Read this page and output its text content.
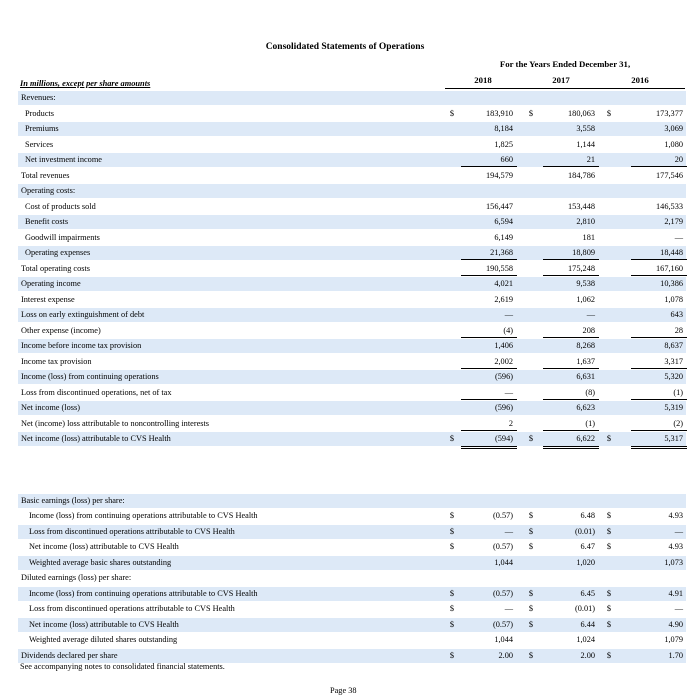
Consolidated Statements of Operations
For the Years Ended December 31,
2018	2017	2016
In millions, except per share amounts
Revenues:
Products	$	183,910 $	180,063 $	173,377
Premiums	8,184	3,558	3,069
Services	1,825	1,144	1,080
Net investment income	660	21	20
Total revenues	194,579	184,786	177,546
Operating costs:
Cost of products sold	156,447	153,448	146,533
Benefit costs	6,594	2,810	2,179
Goodwill impairments	6,149	181	—
Operating expenses	21,368	18,809	18,448
Total operating costs	190,558	175,248	167,160
Operating income	4,021	9,538	10,386
Interest expense	2,619	1,062	1,078
Loss on early extinguishment of debt	—	—	643
Other expense (income)	(4)	208	28
Income before income tax provision	1,406	8,268	8,637
Income tax provision	2,002	1,637	3,317
Income (loss) from continuing operations	(596)	6,631	5,320
Loss from discontinued operations, net of tax	—	(8)	(1)
Net income (loss)	(596)	6,623	5,319
Net (income) loss attributable to noncontrolling interests	2	(1)	(2)
Net income (loss) attributable to CVS Health	$	(594) $	6,622 $	5,317
Basic earnings (loss) per share:
Income (loss) from continuing operations attributable to CVS Health	$	(0.57) $	6.48 $	4.93
Loss from discontinued operations attributable to CVS Health	$	— $	(0.01) $	—
Net income (loss) attributable to CVS Health	$	(0.57) $	6.47 $	4.93
Weighted average basic shares outstanding	1,044	1,020	1,073
Diluted earnings (loss) per share:
Income (loss) from continuing operations attributable to CVS Health	$	(0.57) $	6.45 $	4.91
Loss from discontinued operations attributable to CVS Health	$	— $	(0.01) $	—
Net income (loss) attributable to CVS Health	$	(0.57) $	6.44 $	4.90
Weighted average diluted shares outstanding	1,044	1,024	1,079
Dividends declared per share	$	2.00 $	2.00 $	1.70
See accompanying notes to consolidated financial statements.
Page 38
